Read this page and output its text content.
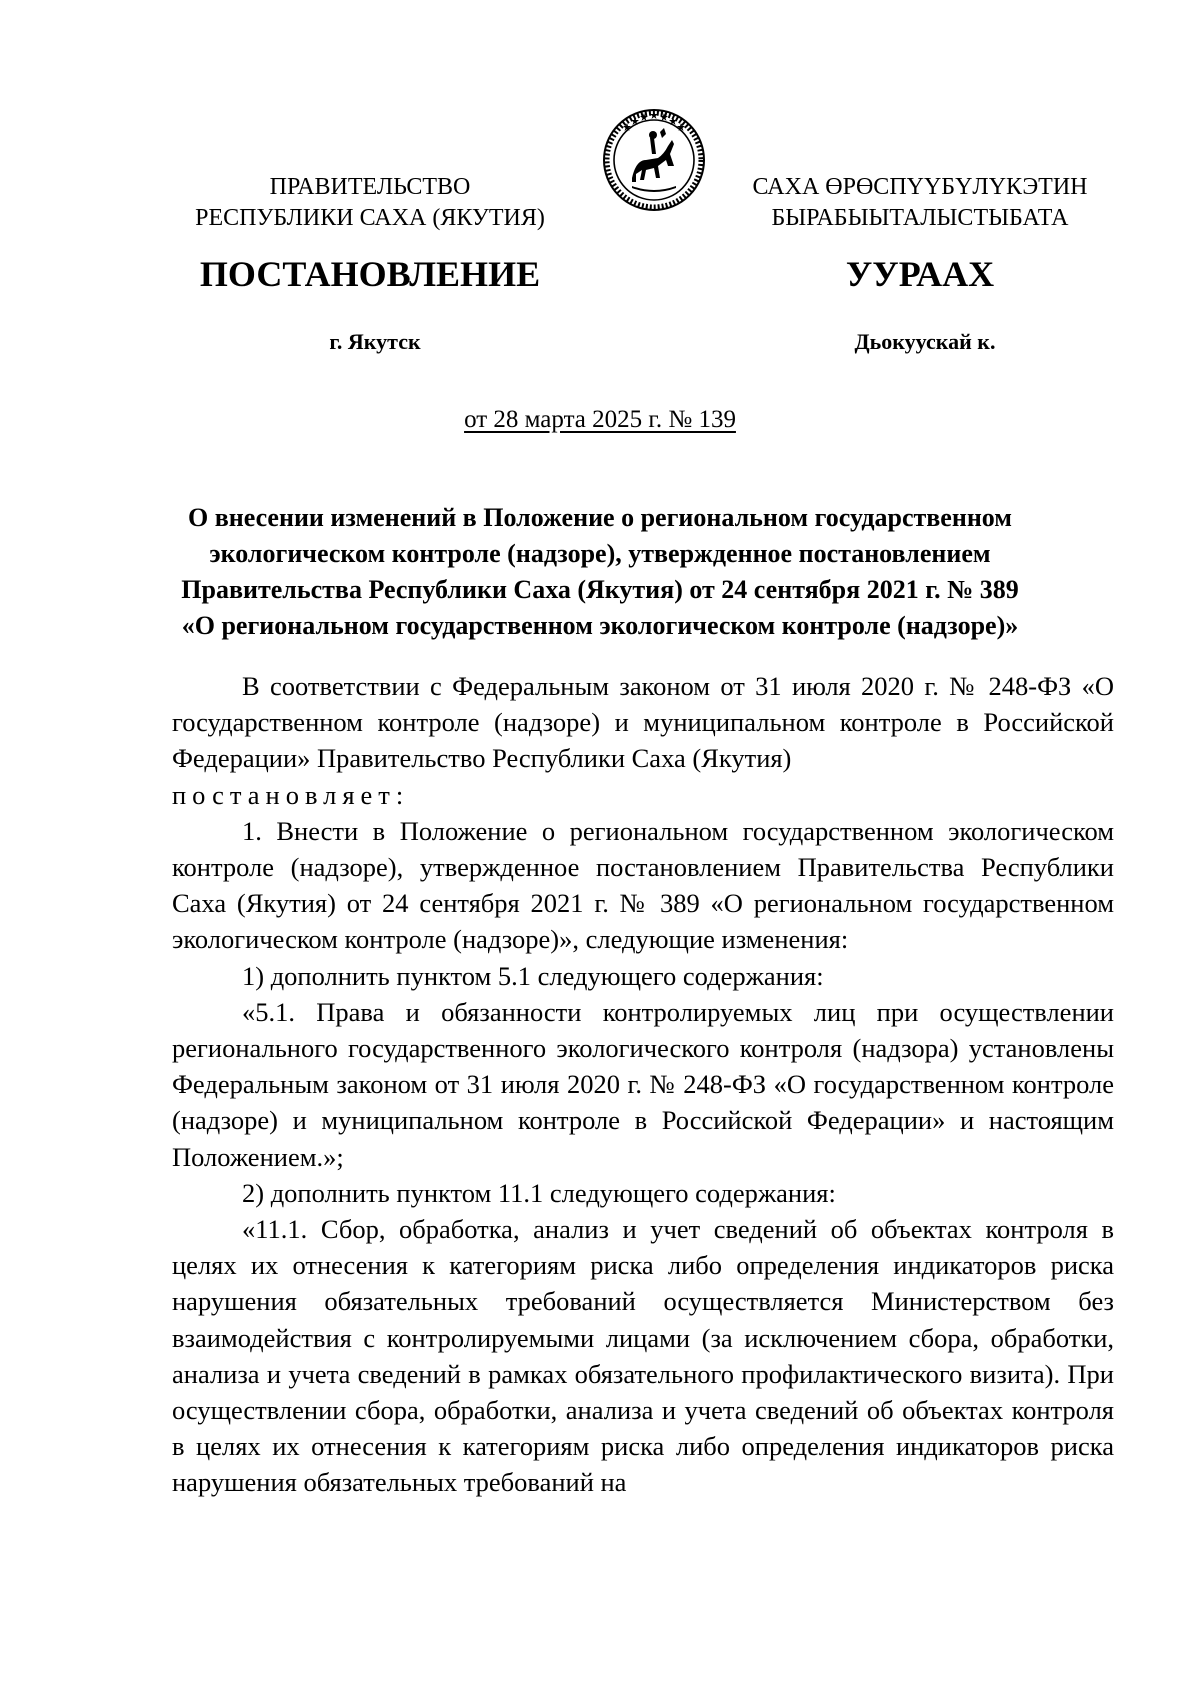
ПРАВИТЕЛЬСТВО
РЕСПУБЛИКИ САХА (ЯКУТИЯ)
САХА ӨРӨСПҮҮБҮЛҮКЭТИН
БЫРАБЫЫТАЛЫСТЫБАТА
ПОСТАНОВЛЕНИЕ	УУРААХ
г. Якутск	Дьокуускай к.
от 28 марта 2025 г. № 139
О внесении изменений в Положение о региональном государственном
экологическом контроле (надзоре), утвержденное постановлением
Правительства Республики Саха (Якутия) от 24 сентября 2021 г. № 389
«О региональном государственном экологическом контроле (надзоре)»

В соответствии с Федеральным законом от 31 июля 2020 г. № 248-ФЗ «О государственном контроле (надзоре) и муниципальном контроле в Российской Федерации» Правительство Республики Саха (Якутия)

постановляет:

1. Внести в Положение о региональном государственном экологическом контроле (надзоре), утвержденное постановлением Правительства Республики Саха (Якутия) от 24 сентября 2021 г. № 389 «О региональном государственном экологическом контроле (надзоре)», следующие изменения:

1) дополнить пунктом 5.1 следующего содержания:

«5.1. Права и обязанности контролируемых лиц при осуществлении регионального государственного экологического контроля (надзора) установлены Федеральным законом от 31 июля 2020 г. № 248-ФЗ «О государственном контроле (надзоре) и муниципальном контроле в Российской Федерации» и настоящим Положением.»;

2) дополнить пунктом 11.1 следующего содержания:

«11.1. Сбор, обработка, анализ и учет сведений об объектах контроля в целях их отнесения к категориям риска либо определения индикаторов риска нарушения обязательных требований осуществляется Министерством без взаимодействия с контролируемыми лицами (за исключением сбора, обработки, анализа и учета сведений в рамках обязательного профилактического визита). При осуществлении сбора, обработки, анализа и учета сведений об объектах контроля в целях их отнесения к категориям риска либо определения индикаторов риска нарушения обязательных требований на
